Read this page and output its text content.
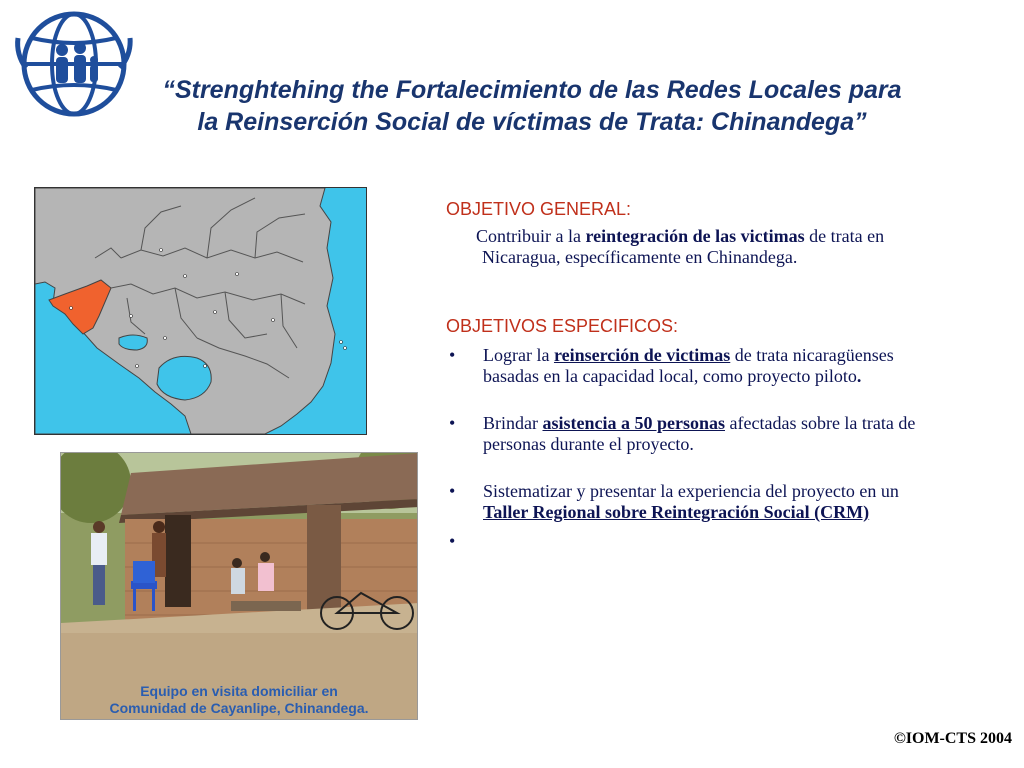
“Strenghtehing the Fortalecimiento de las Redes Locales para
la Reinserción Social de víctimas de Trata: Chinandega”
Equipo en visita domiciliar en
Comunidad de Cayanlipe, Chinandega.
OBJETIVO GENERAL:

Contribuir a la reintegración de las victimas de trata en Nicaragua, específicamente en Chinandega.

OBJETIVOS ESPECIFICOS:
• Lograr la reinserción de victimas de trata nicaragüenses basadas en la capacidad local, como proyecto piloto.
• Brindar asistencia a 50 personas afectadas sobre la trata de personas durante el proyecto.
• Sistematizar y presentar la experiencia del proyecto en un Taller Regional sobre Reintegración Social (CRM)
•
©IOM-CTS 2004
